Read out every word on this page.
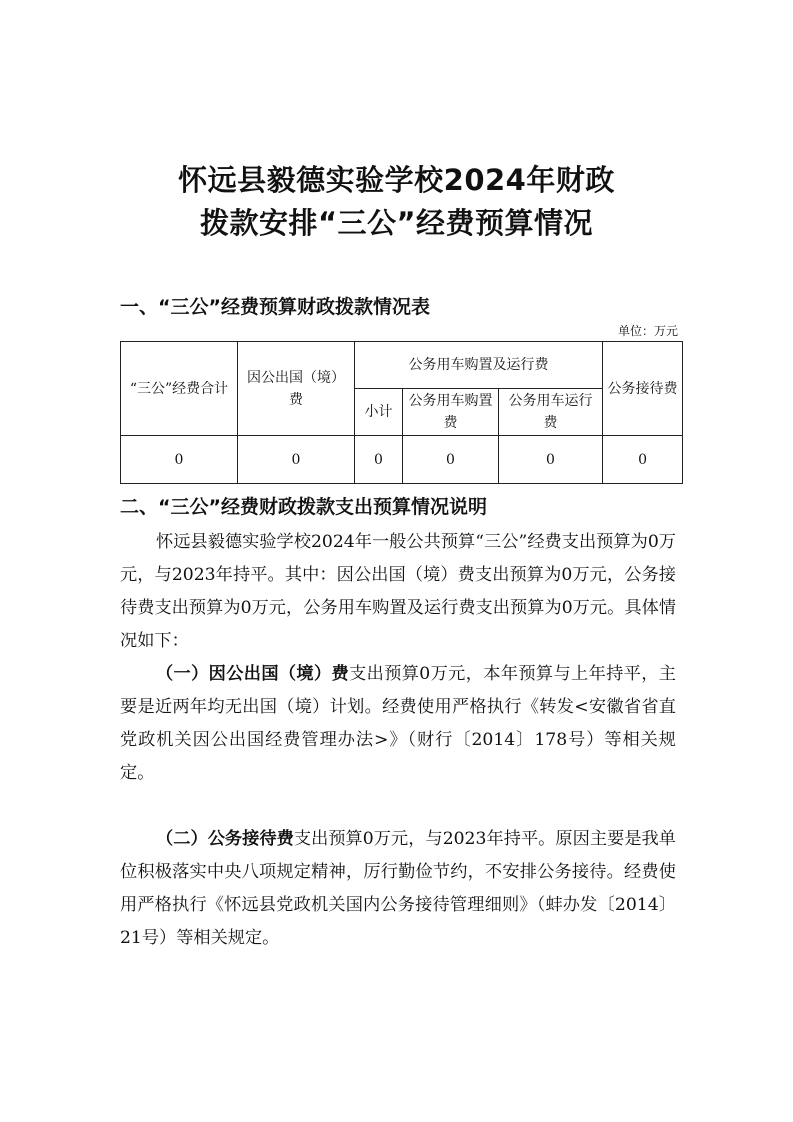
怀远县毅德实验学校2024年财政
拨款安排“三公”经费预算情况
一、“三公”经费预算财政拨款情况表
单位：万元
“三公”经费合计	因公出国（境）费	公务用车购置及运行费			公务接待费
		小计	公务用车购置费	公务用车运行费	
0	0	0	0	0	0
二、“三公”经费财政拨款支出预算情况说明

怀远县毅德实验学校2024年一般公共预算“三公”经费支出预算为0万元，与2023年持平。其中：因公出国（境）费支出预算为0万元，公务接待费支出预算为0万元，公务用车购置及运行费支出预算为0万元。具体情况如下：

（一）因公出国（境）费支出预算0万元，本年预算与上年持平，主要是近两年均无出国（境）计划。经费使用严格执行《转发<安徽省省直党政机关因公出国经费管理办法>》（财行〔2014〕178号）等相关规定。

（二）公务接待费支出预算0万元，与2023年持平。原因主要是我单位积极落实中央八项规定精神，厉行勤俭节约，不安排公务接待。经费使用严格执行《怀远县党政机关国内公务接待管理细则》（蚌办发〔2014〕21号）等相关规定。
